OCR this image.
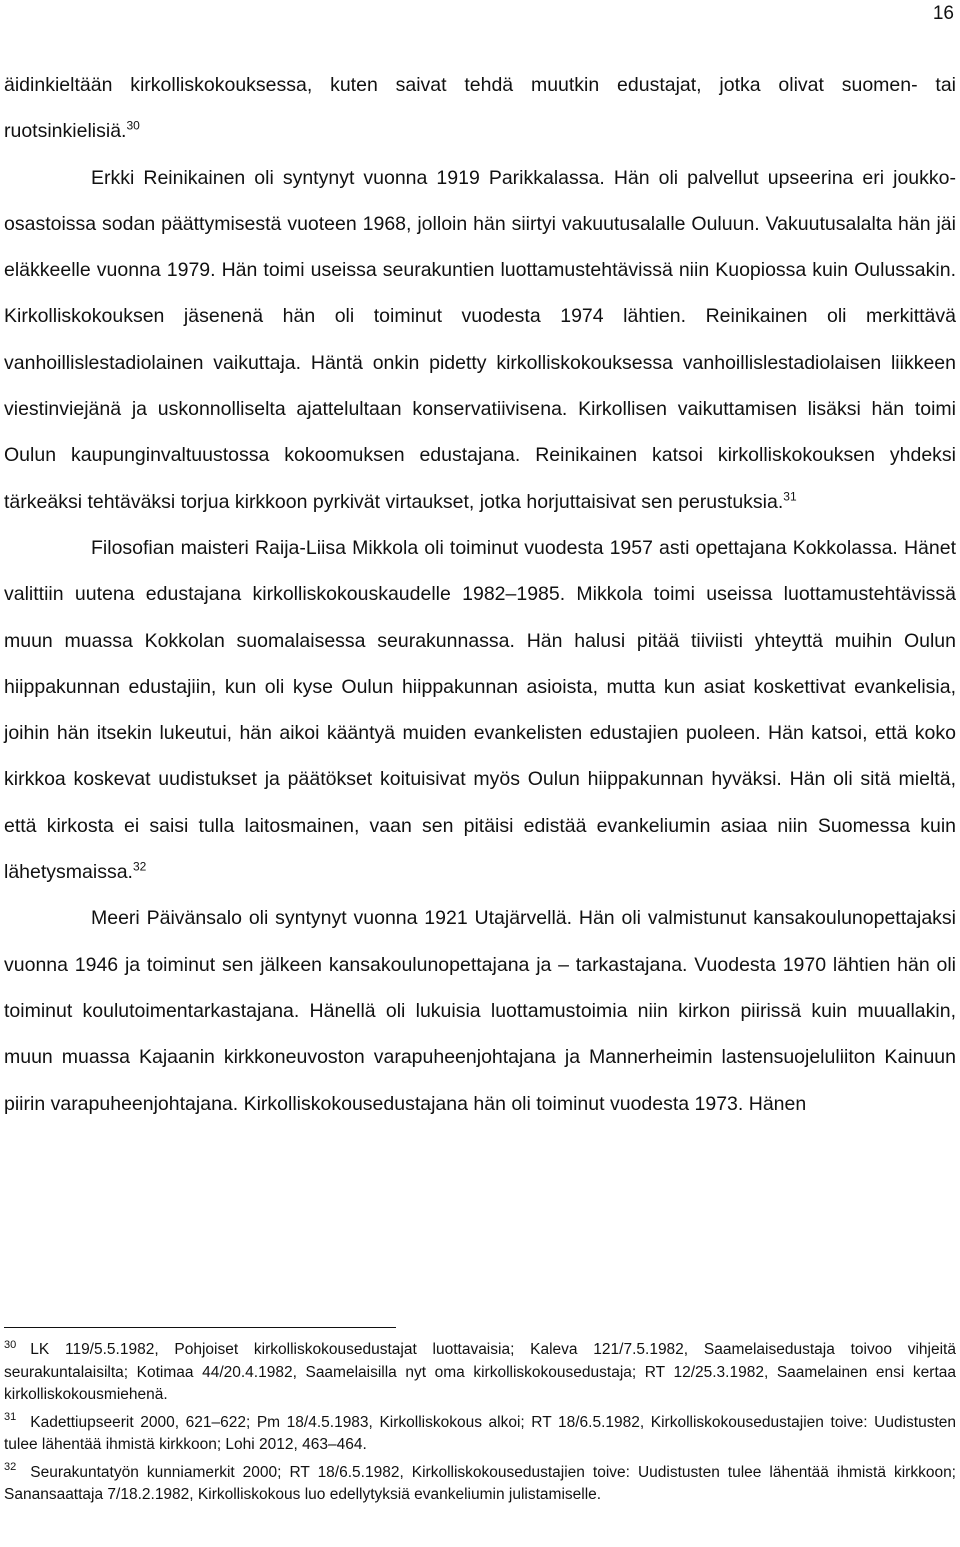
16

äidinkieltään kirkolliskokouksessa, kuten saivat tehdä muutkin edustajat, jotka olivat suomen- tai ruotsinkielisiä.$^{30}$

Erkki Reinikainen oli syntynyt vuonna 1919 Parikkalassa. Hän oli palvellut upseerina eri joukko-osastoissa sodan päättymisestä vuoteen 1968, jolloin hän siirtyi vakuutusalalle Ouluun. Vakuutusalalta hän jäi eläkkeelle vuonna 1979. Hän toimi useissa seurakuntien luottamustehtävissä niin Kuopiossa kuin Oulussakin. Kirkolliskokouksen jäsenenä hän oli toiminut vuodesta 1974 lähtien. Reinikainen oli merkittävä vanhoillislestadiolainen vaikuttaja. Häntä onkin pidetty kirkolliskokouksessa vanhoillislestadiolaisen liikkeen viestinviejänä ja uskonnolliselta ajattelultaan konservatiivisena. Kirkollisen vaikuttamisen lisäksi hän toimi Oulun kaupunginvaltuustossa kokoomuksen edustajana. Reinikainen katsoi kirkolliskokouksen yhdeksi tärkeäksi tehtäväksi torjua kirkkoon pyrkivät virtaukset, jotka horjuttaisivat sen perustuksia.$^{31}$

Filosofian maisteri Raija-Liisa Mikkola oli toiminut vuodesta 1957 asti opettajana Kokkolassa. Hänet valittiin uutena edustajana kirkolliskokouskaudelle 1982–1985. Mikkola toimi useissa luottamustehtävissä muun muassa Kokkolan suomalaisessa seurakunnassa. Hän halusi pitää tiiviisti yhteyttä muihin Oulun hiippakunnan edustajiin, kun oli kyse Oulun hiippakunnan asioista, mutta kun asiat koskettivat evankelisia, joihin hän itsekin lukeutui, hän aikoi kääntyä muiden evankelisten edustajien puoleen. Hän katsoi, että koko kirkkoa koskevat uudistukset ja päätökset koituisivat myös Oulun hiippakunnan hyväksi. Hän oli sitä mieltä, että kirkosta ei saisi tulla laitosmainen, vaan sen pitäisi edistää evankeliumin asiaa niin Suomessa kuin lähetysmaissa.$^{32}$

Meeri Päivänsalo oli syntynyt vuonna 1921 Utajärvellä. Hän oli valmistunut kansakoulunopettajaksi vuonna 1946 ja toiminut sen jälkeen kansakoulunopettajana ja – tarkastajana. Vuodesta 1970 lähtien hän oli toiminut koulutoimentarkastajana. Hänellä oli lukuisia luottamustoimia niin kirkon piirissä kuin muuallakin, muun muassa Kajaanin kirkkoneuvoston varapuheenjohtajana ja Mannerheimin lastensuojeluliiton Kainuun piirin varapuheenjohtajana. Kirkolliskokousedustajana hän oli toiminut vuodesta 1973. Hänen

$^{30}$ LK 119/5.5.1982, Pohjoiset kirkolliskokousedustajat luottavaisia; Kaleva 121/7.5.1982, Saamelaisedustaja toivoo vihjeitä seurakuntalaisilta; Kotimaa 44/20.4.1982, Saamelaisilla nyt oma kirkolliskokousedustaja; RT 12/25.3.1982, Saamelainen ensi kertaa kirkolliskokousmiehenä.

$^{31}$ Kadettiupseerit 2000, 621–622; Pm 18/4.5.1983, Kirkolliskokous alkoi; RT 18/6.5.1982, Kirkolliskokousedustajien toive: Uudistusten tulee lähentää ihmistä kirkkoon; Lohi 2012, 463–464.

$^{32}$ Seurakuntatyön kunniamerkit 2000; RT 18/6.5.1982, Kirkolliskokousedustajien toive: Uudistusten tulee lähentää ihmistä kirkkoon; Sanansaattaja 7/18.2.1982, Kirkolliskokous luo edellytyksiä evankeliumin julistamiselle.
